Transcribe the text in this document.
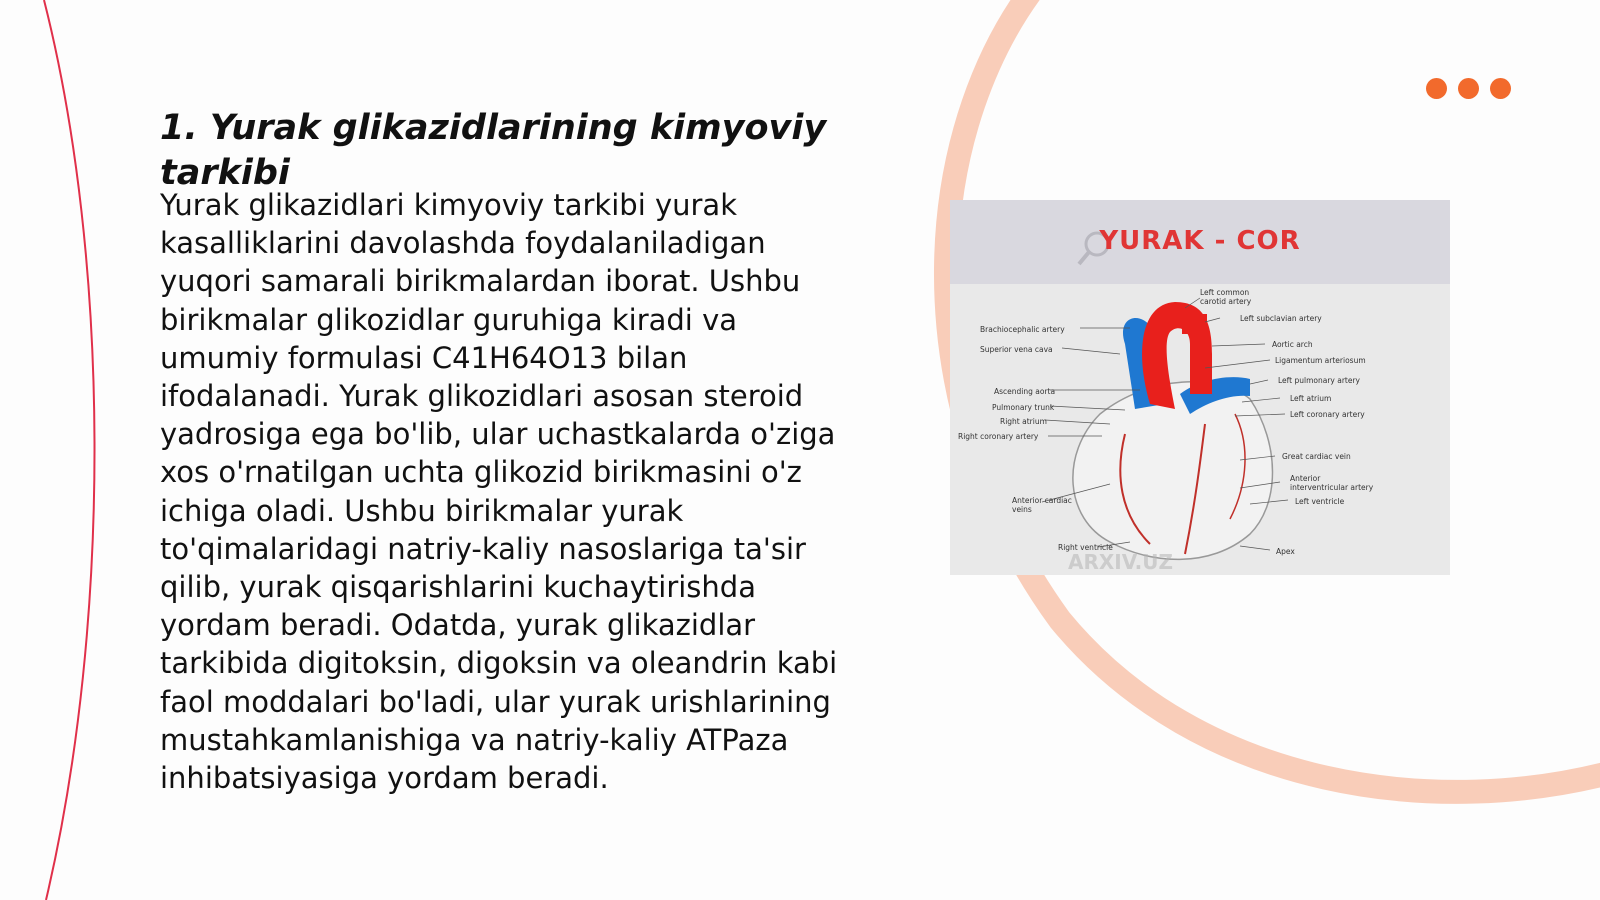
1. Yurak glikazidlarining kimyoviy tarkibi

Yurak glikazidlari kimyoviy tarkibi yurak kasalliklarini davolashda foydalaniladigan yuqori samarali birikmalardan iborat. Ushbu birikmalar glikozidlar guruhiga kiradi va umumiy formulasi C41H64O13 bilan ifodalanadi. Yurak glikozidlari asosan steroid yadrosiga ega bo'lib, ular uchastkalarda o'ziga xos o'rnatilgan uchta glikozid birikmasini o'z ichiga oladi. Ushbu birikmalar yurak to'qimalaridagi natriy-kaliy nasoslariga ta'sir qilib, yurak qisqarishlarini kuchaytirishda yordam beradi. Odatda, yurak glikazidlar tarkibida digitoksin, digoksin va oleandrin kabi faol moddalari bo'ladi, ular yurak urishlarining mustahkamlanishiga va natriy-kaliy ATPaza inhibatsiyasiga yordam beradi.

YURAK - COR
Brachiocephalic artery
Superior vena cava
Ascending aorta
Pulmonary trunk
Right atrium
Right coronary artery
Anterior cardiac veins
Right ventricle
Left common carotid artery
Left subclavian artery
Aortic arch
Ligamentum arteriosum
Left pulmonary artery
Left atrium
Left coronary artery
Great cardiac vein
Anterior interventricular artery
Left ventricle
Apex
ARXIV.UZ
